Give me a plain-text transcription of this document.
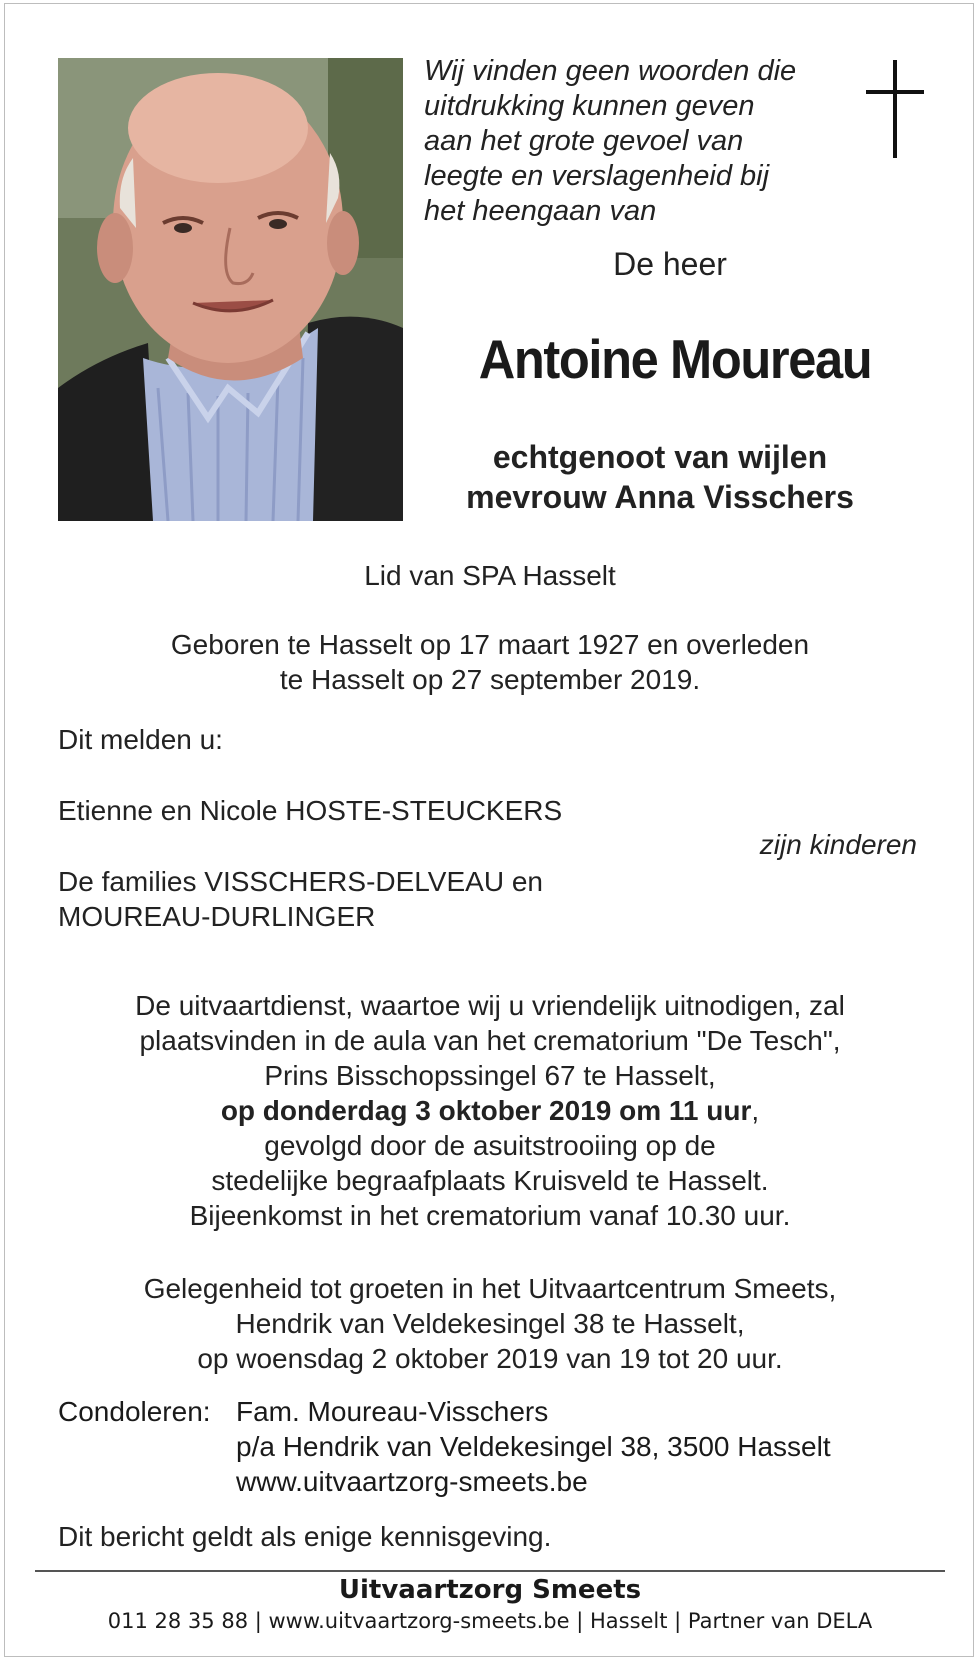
Wij vinden geen woorden die
uitdrukking kunnen geven
aan het grote gevoel van
leegte en verslagenheid bij
het heengaan van
De heer
Antoine Moureau
echtgenoot van wijlen
mevrouw Anna Visschers
Lid van SPA Hasselt
Geboren te Hasselt op 17 maart 1927 en overleden
te Hasselt op 27 september 2019.
Dit melden u:
Etienne en Nicole HOSTE-STEUCKERS
zijn kinderen
De families VISSCHERS-DELVEAU en
MOUREAU-DURLINGER
De uitvaartdienst, waartoe wij u vriendelijk uitnodigen, zal
plaatsvinden in de aula van het crematorium "De Tesch",
Prins Bisschopssingel 67 te Hasselt,
op donderdag 3 oktober 2019 om 11 uur,
gevolgd door de asuitstrooiing op de
stedelijke begraafplaats Kruisveld te Hasselt.
Bijeenkomst in het crematorium vanaf 10.30 uur.
Gelegenheid tot groeten in het Uitvaartcentrum Smeets,
Hendrik van Veldekesingel 38 te Hasselt,
op woensdag 2 oktober 2019 van 19 tot 20 uur.
Condoleren: Fam. Moureau-Visschers
p/a Hendrik van Veldekesingel 38, 3500 Hasselt
www.uitvaartzorg-smeets.be
Dit bericht geldt als enige kennisgeving.
Uitvaartzorg Smeets
011 28 35 88 | www.uitvaartzorg-smeets.be | Hasselt | Partner van DELA
